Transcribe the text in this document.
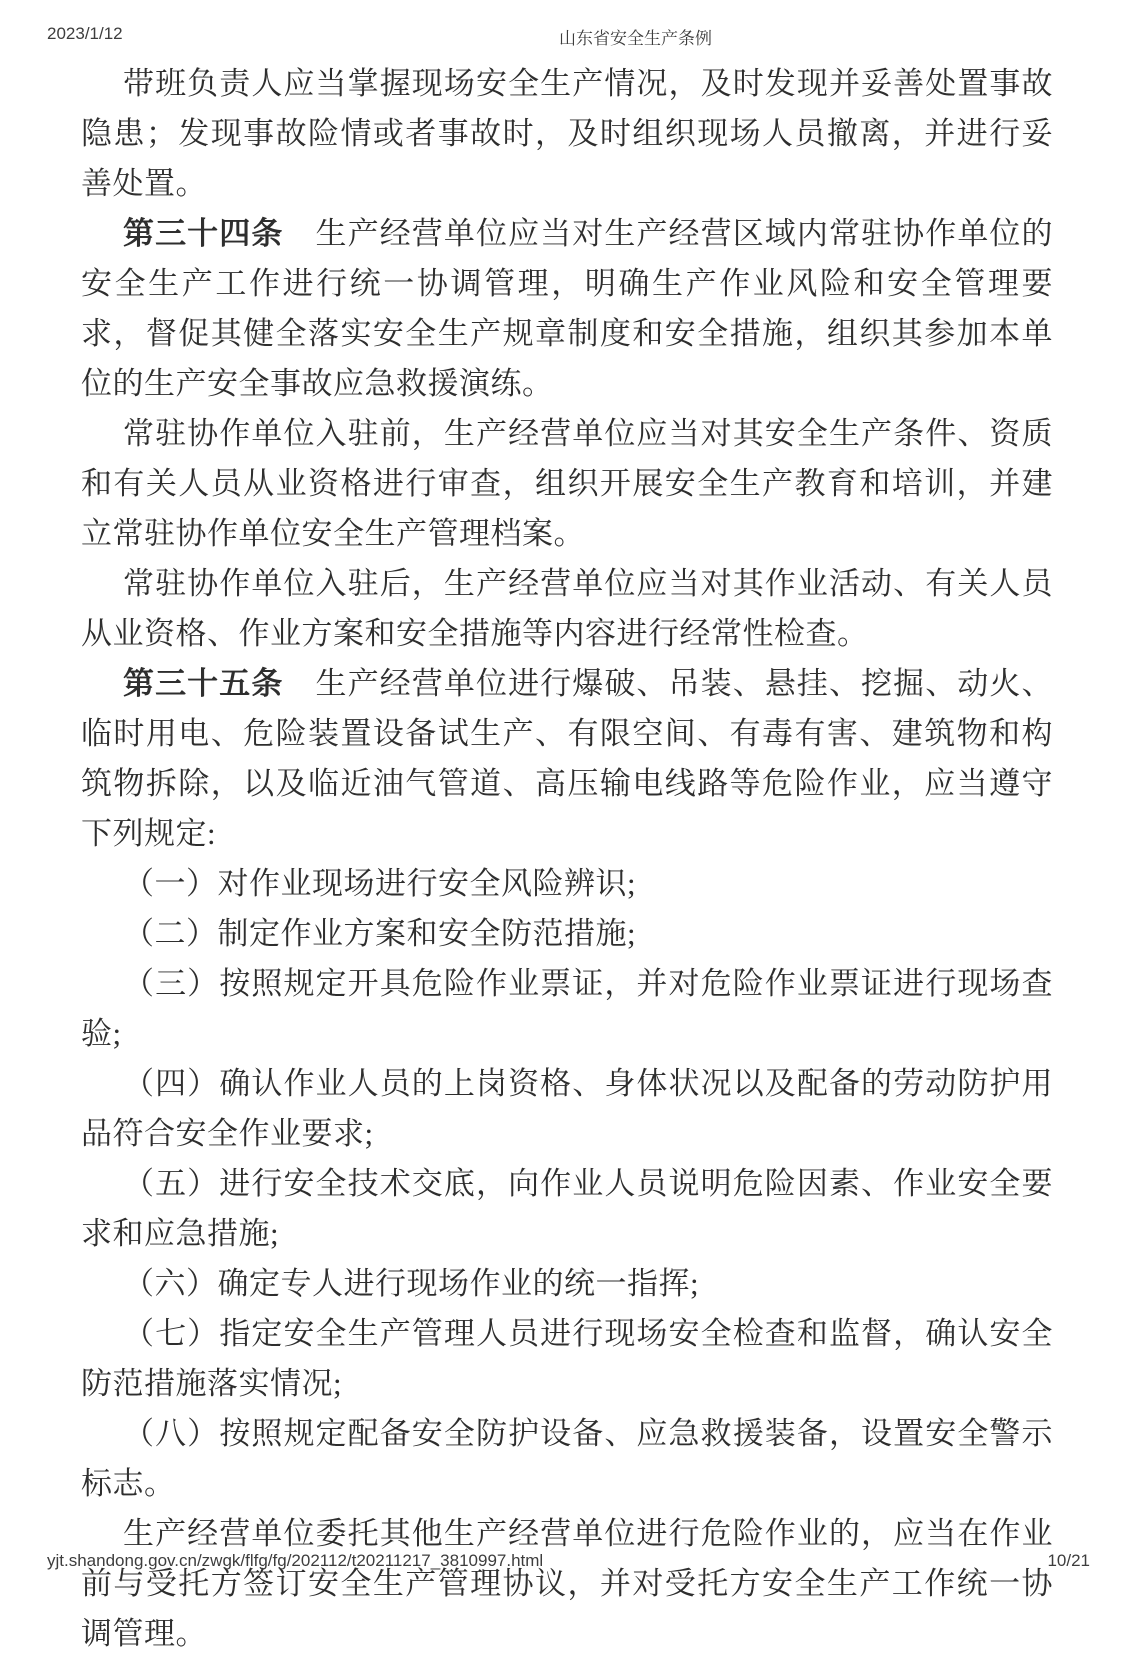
2023/1/12	山东省安全生产条例

带班负责人应当掌握现场安全生产情况，及时发现并妥善处置事故隐患；发现事故险情或者事故时，及时组织现场人员撤离，并进行妥善处置。

第三十四条　生产经营单位应当对生产经营区域内常驻协作单位的安全生产工作进行统一协调管理，明确生产作业风险和安全管理要求，督促其健全落实安全生产规章制度和安全措施，组织其参加本单位的生产安全事故应急救援演练。

常驻协作单位入驻前，生产经营单位应当对其安全生产条件、资质和有关人员从业资格进行审查，组织开展安全生产教育和培训，并建立常驻协作单位安全生产管理档案。

常驻协作单位入驻后，生产经营单位应当对其作业活动、有关人员从业资格、作业方案和安全措施等内容进行经常性检查。

第三十五条　生产经营单位进行爆破、吊装、悬挂、挖掘、动火、临时用电、危险装置设备试生产、有限空间、有毒有害、建筑物和构筑物拆除，以及临近油气管道、高压输电线路等危险作业，应当遵守下列规定:

（一）对作业现场进行安全风险辨识;

（二）制定作业方案和安全防范措施;

（三）按照规定开具危险作业票证，并对危险作业票证进行现场查验;

（四）确认作业人员的上岗资格、身体状况以及配备的劳动防护用品符合安全作业要求;

（五）进行安全技术交底，向作业人员说明危险因素、作业安全要求和应急措施;

（六）确定专人进行现场作业的统一指挥;

（七）指定安全生产管理人员进行现场安全检查和监督，确认安全防范措施落实情况;

（八）按照规定配备安全防护设备、应急救援装备，设置安全警示标志。

生产经营单位委托其他生产经营单位进行危险作业的，应当在作业前与受托方签订安全生产管理协议，并对受托方安全生产工作统一协调管理。

yjt.shandong.gov.cn/zwgk/flfg/fg/202112/t20211217_3810997.html	10/21
